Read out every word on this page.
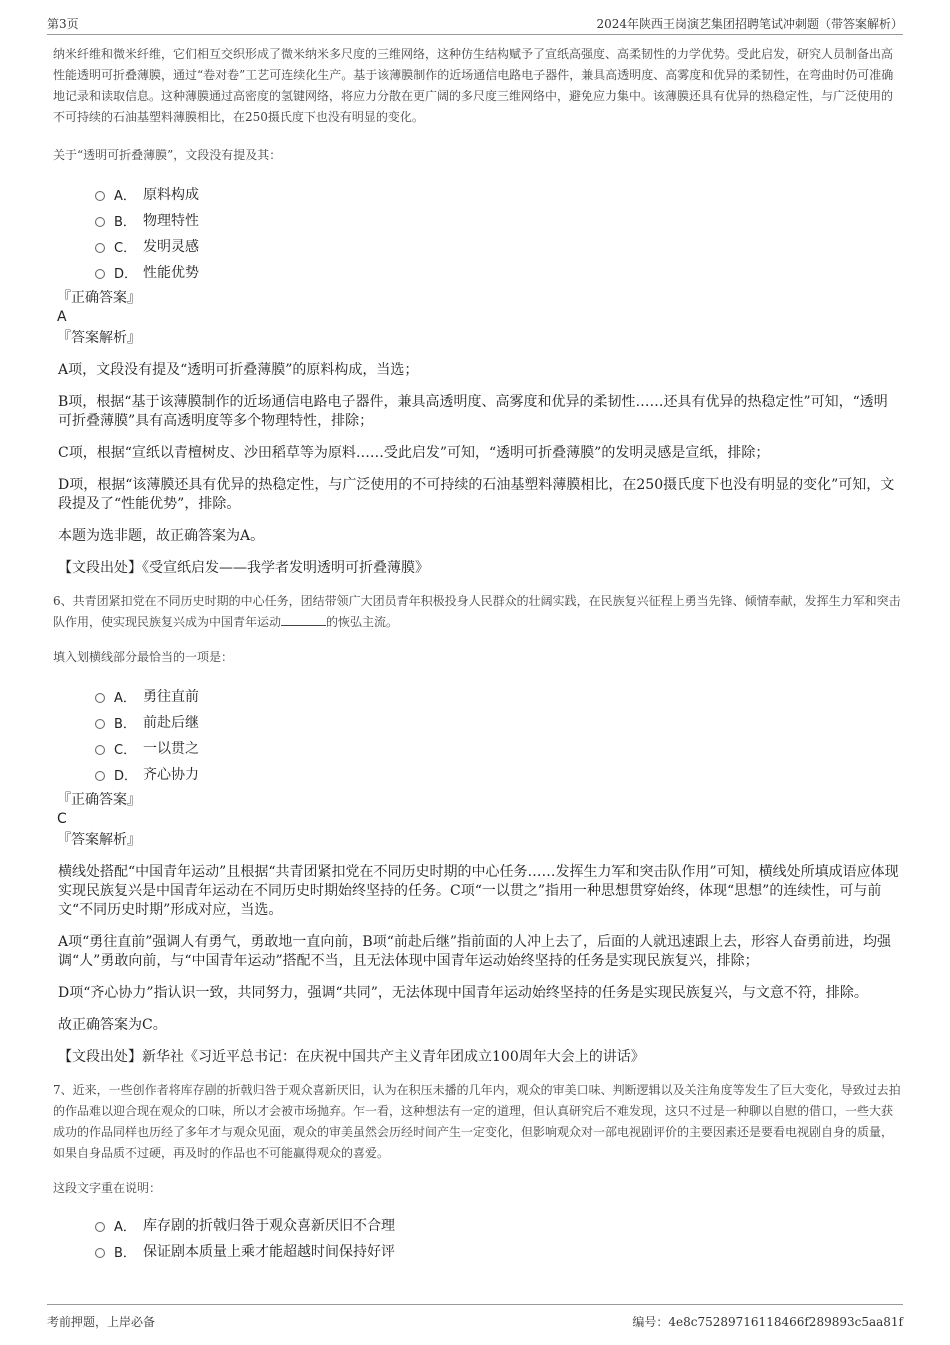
第3页	2024年陕西王岗演艺集团招聘笔试冲刺题（带答案解析）

纳米纤维和微米纤维，它们相互交织形成了微米纳米多尺度的三维网络，这种仿生结构赋予了宣纸高强度、高柔韧性的力学优势。受此启发，研究人员制备出高性能透明可折叠薄膜，通过“卷对卷”工艺可连续化生产。基于该薄膜制作的近场通信电路电子器件，兼具高透明度、高雾度和优异的柔韧性，在弯曲时仍可准确地记录和读取信息。这种薄膜通过高密度的氢键网络，将应力分散在更广阔的多尺度三维网络中，避免应力集中。该薄膜还具有优异的热稳定性，与广泛使用的不可持续的石油基塑料薄膜相比，在250摄氏度下也没有明显的变化。

关于“透明可折叠薄膜”，文段没有提及其：

A． 原料构成
B． 物理特性
C． 发明灵感
D． 性能优势
『正确答案』
A
『答案解析』

A项，文段没有提及“透明可折叠薄膜”的原料构成，当选；

B项，根据“基于该薄膜制作的近场通信电路电子器件，兼具高透明度、高雾度和优异的柔韧性……还具有优异的热稳定性”可知，“透明可折叠薄膜”具有高透明度等多个物理特性，排除；

C项，根据“宣纸以青檀树皮、沙田稻草等为原料……受此启发”可知，“透明可折叠薄膜”的发明灵感是宣纸，排除；

D项，根据“该薄膜还具有优异的热稳定性，与广泛使用的不可持续的石油基塑料薄膜相比，在250摄氏度下也没有明显的变化”可知，文段提及了“性能优势”，排除。

本题为选非题，故正确答案为A。

【文段出处】《受宣纸启发——我学者发明透明可折叠薄膜》

6、共青团紧扣党在不同历史时期的中心任务，团结带领广大团员青年积极投身人民群众的壮阔实践，在民族复兴征程上勇当先锋、倾情奉献，发挥生力军和突击队作用，使实现民族复兴成为中国青年运动	的恢弘主流。

填入划横线部分最恰当的一项是：

A． 勇往直前
B． 前赴后继
C． 一以贯之
D． 齐心协力
『正确答案』
C
『答案解析』

横线处搭配“中国青年运动”且根据“共青团紧扣党在不同历史时期的中心任务……发挥生力军和突击队作用”可知，横线处所填成语应体现实现民族复兴是中国青年运动在不同历史时期始终坚持的任务。C项“一以贯之”指用一种思想贯穿始终，体现“思想”的连续性，可与前文“不同历史时期”形成对应，当选。

A项“勇往直前”强调人有勇气，勇敢地一直向前，B项“前赴后继”指前面的人冲上去了，后面的人就迅速跟上去，形容人奋勇前进，均强调“人”勇敢向前，与“中国青年运动”搭配不当，且无法体现中国青年运动始终坚持的任务是实现民族复兴，排除；

D项“齐心协力”指认识一致，共同努力，强调“共同”，无法体现中国青年运动始终坚持的任务是实现民族复兴，与文意不符，排除。

故正确答案为C。

【文段出处】新华社《习近平总书记：在庆祝中国共产主义青年团成立100周年大会上的讲话》

7、近来，一些创作者将库存剧的折戟归咎于观众喜新厌旧，认为在积压未播的几年内，观众的审美口味、判断逻辑以及关注角度等发生了巨大变化，导致过去拍的作品难以迎合现在观众的口味，所以才会被市场抛弃。乍一看，这种想法有一定的道理，但认真研究后不难发现，这只不过是一种聊以自慰的借口，一些大获成功的作品同样也历经了多年才与观众见面，观众的审美虽然会历经时间产生一定变化，但影响观众对一部电视剧评价的主要因素还是要看电视剧自身的质量，如果自身品质不过硬，再及时的作品也不可能赢得观众的喜爱。

这段文字重在说明：

A． 库存剧的折戟归咎于观众喜新厌旧不合理
B． 保证剧本质量上乘才能超越时间保持好评
考前押题，上岸必备	编号：4e8c75289716118466f289893c5aa81f
